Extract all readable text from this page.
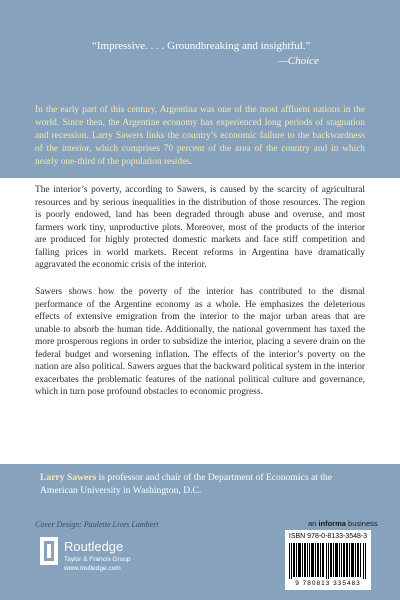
“Impressive. . . . Groundbreaking and insightful.”
—Choice
In the early part of this century, Argentina was one of the most affluent nations in the world. Since then, the Argentine economy has experienced long periods of stagnation and recession. Larry Sawers links the country’s economic failure to the backwardness of the interior, which comprises 70 percent of the area of the country and in which nearly one-third of the population resides.

The interior’s poverty, according to Sawers, is caused by the scarcity of agricultural resources and by serious inequalities in the distribution of those resources. The region is poorly endowed, land has been degraded through abuse and overuse, and most farmers work tiny, unproductive plots. Moreover, most of the products of the interior are produced for highly protected domestic markets and face stiff competition and falling prices in world markets. Recent reforms in Argentina have dramatically aggravated the economic crisis of the interior.

Sawers shows how the poverty of the interior has contributed to the dismal performance of the Argentine economy as a whole. He emphasizes the deleterious effects of extensive emigration from the interior to the major urban areas that are unable to absorb the human tide. Additionally, the national government has taxed the more prosperous regions in order to subsidize the interior, placing a severe drain on the federal budget and worsening inflation. The effects of the interior’s poverty on the nation are also political. Sawers argues that the backward political system in the interior exacerbates the problematic features of the national political culture and governance, which in turn pose profound obstacles to economic progress.

Larry Sawers is professor and chair of the Department of Economics at the American University in Washington, D.C.
Cover Design: Paulette Lives Lambert	an informa business
ISBN 978-0-8133-3548-3
9 780813 335483
Routledge
Taylor & Francis Group
www.routledge.com
